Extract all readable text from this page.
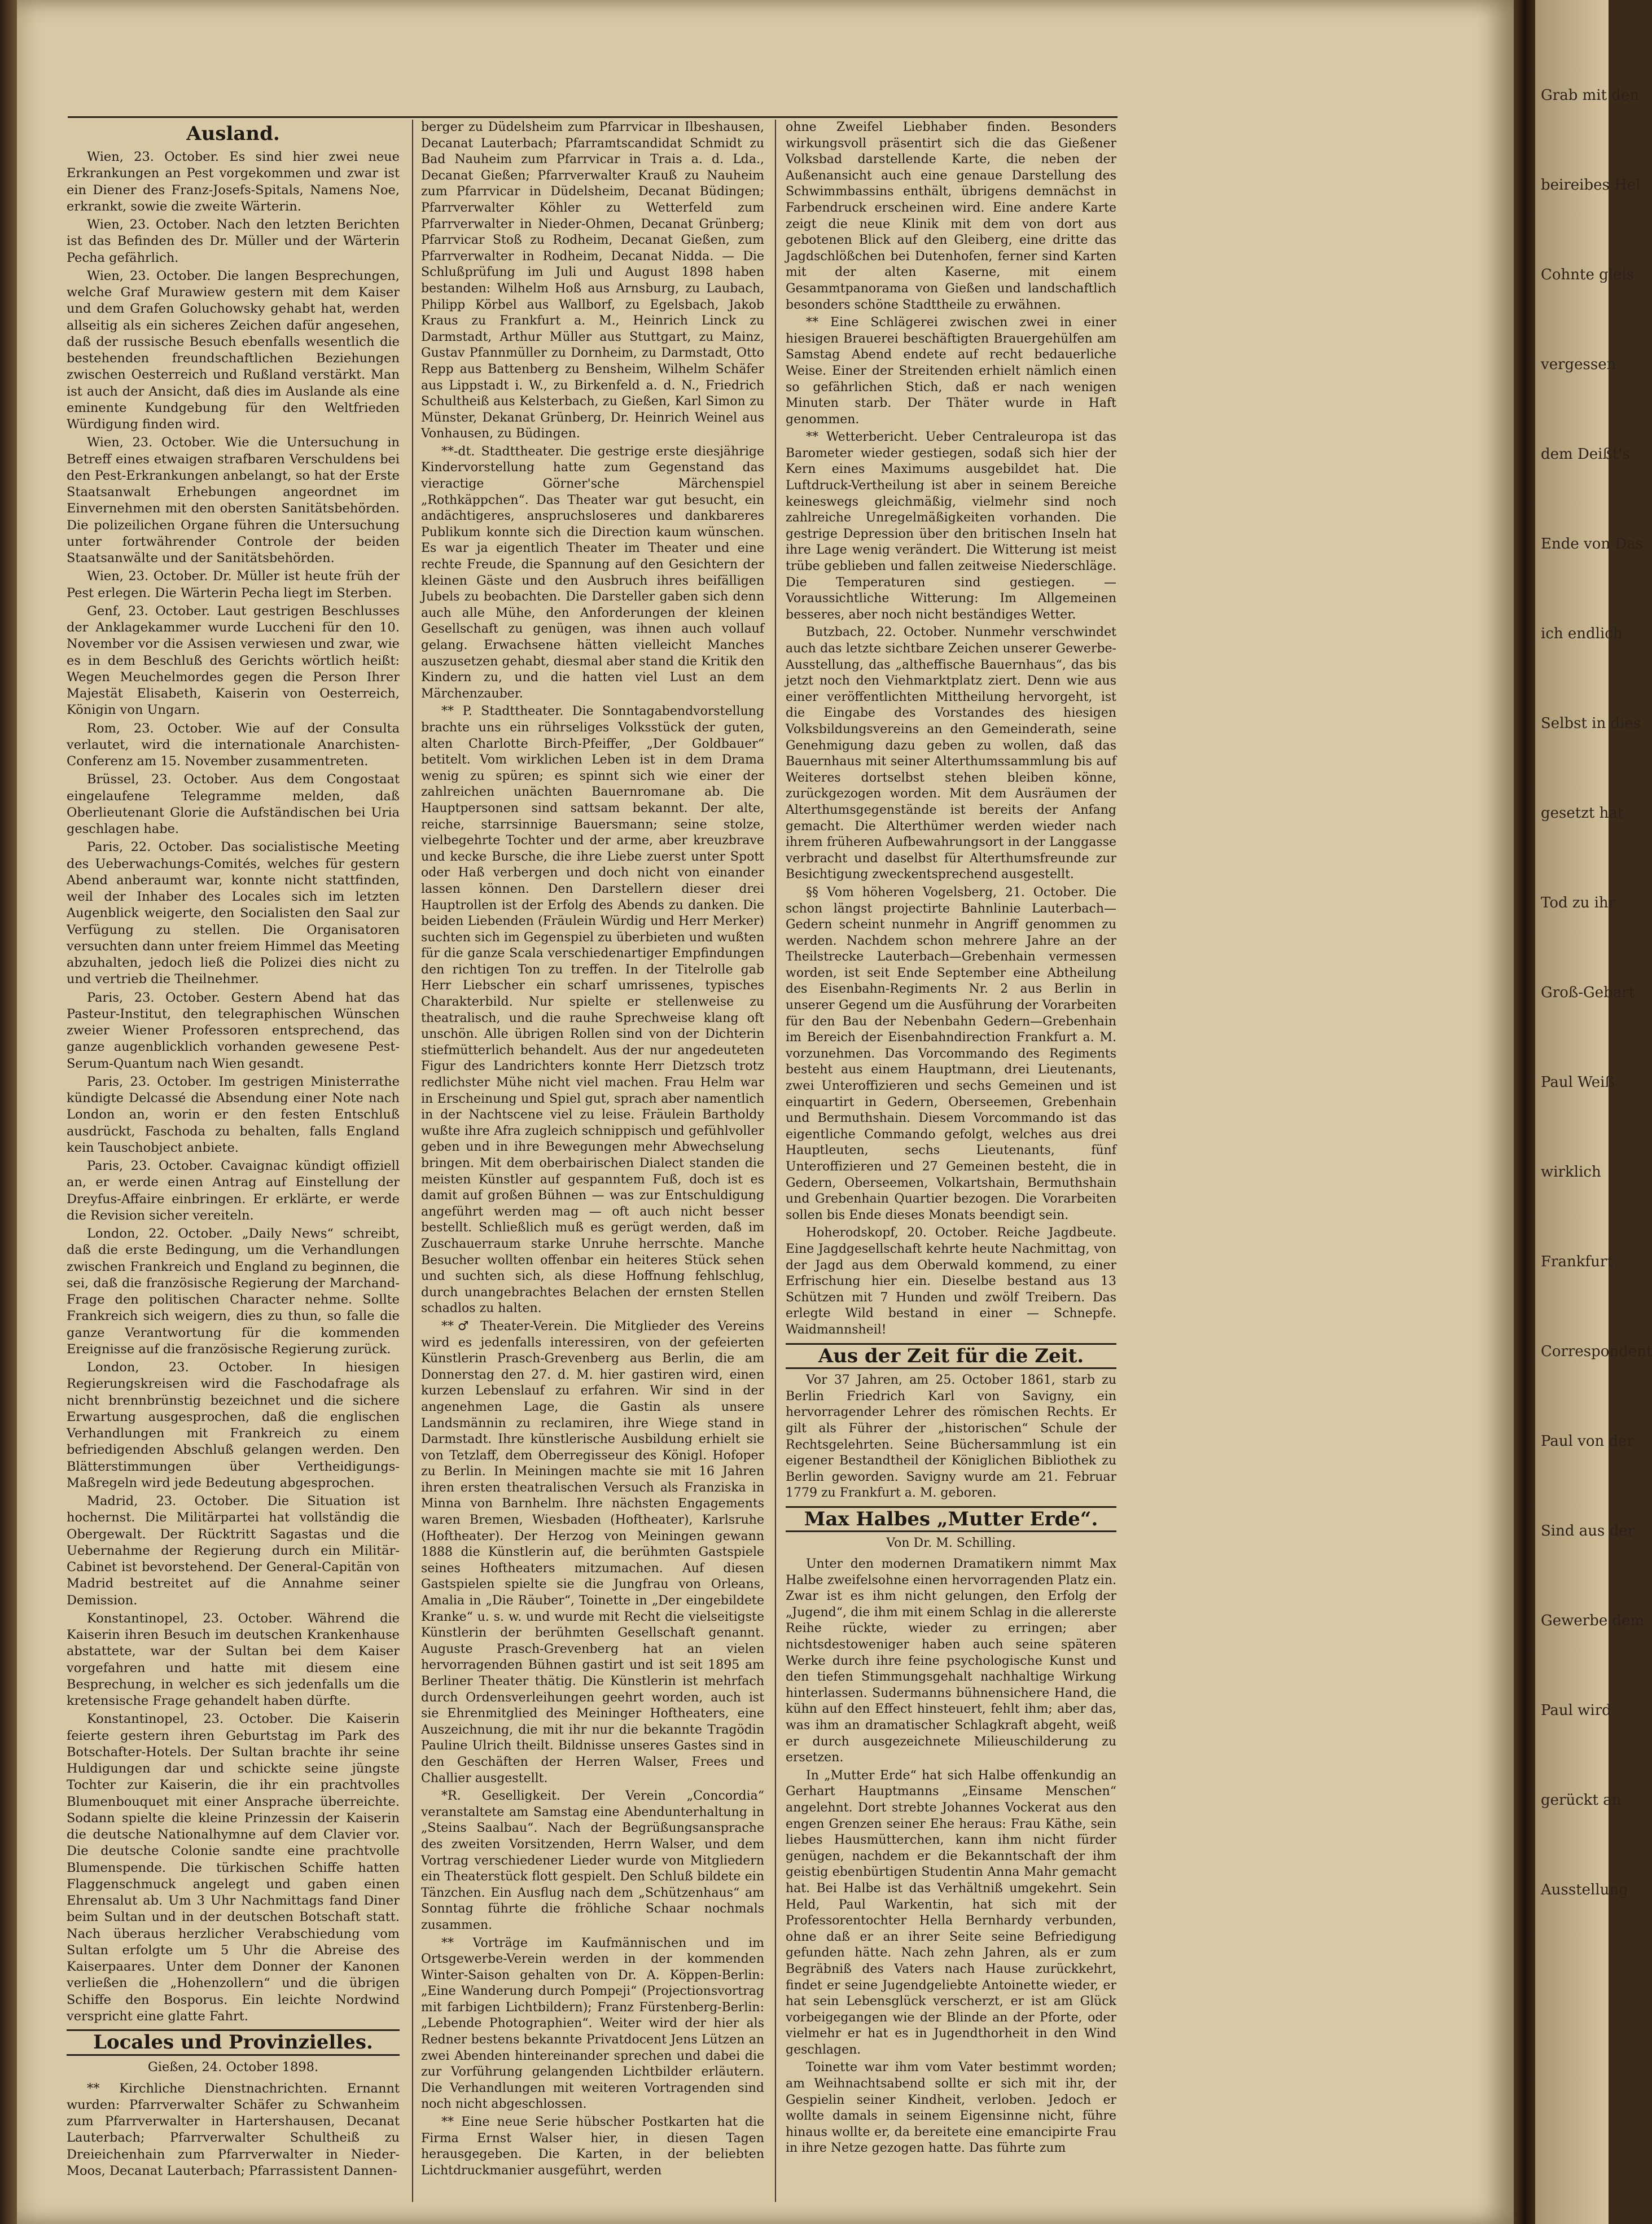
Ausland.

Wien, 23. October. Es sind hier zwei neue Erkrankungen an Pest vorgekommen und zwar ist ein Diener des Franz-Josefs-Spitals, Namens Noe, erkrankt, sowie die zweite Wärterin.

Wien, 23. October. Nach den letzten Berichten ist das Befinden des Dr. Müller und der Wärterin Pecha gefährlich.

Wien, 23. October. Die langen Besprechungen, welche Graf Murawiew gestern mit dem Kaiser und dem Grafen Goluchowsky gehabt hat, werden allseitig als ein sicheres Zeichen dafür angesehen, daß der russische Besuch ebenfalls wesentlich die bestehenden freundschaftlichen Beziehungen zwischen Oesterreich und Rußland verstärkt. Man ist auch der Ansicht, daß dies im Auslande als eine eminente Kundgebung für den Weltfrieden Würdigung finden wird.

Wien, 23. October. Wie die Untersuchung in Betreff eines etwaigen strafbaren Verschuldens bei den Pest-Erkrankungen anbelangt, so hat der Erste Staatsanwalt Erhebungen angeordnet im Einvernehmen mit den obersten Sanitätsbehörden. Die polizeilichen Organe führen die Untersuchung unter fortwährender Controle der beiden Staatsanwälte und der Sanitätsbehörden.

Wien, 23. October. Dr. Müller ist heute früh der Pest erlegen. Die Wärterin Pecha liegt im Sterben.

Genf, 23. October. Laut gestrigen Beschlusses der Anklagekammer wurde Luccheni für den 10. November vor die Assisen verwiesen und zwar, wie es in dem Beschluß des Gerichts wörtlich heißt: Wegen Meuchelmordes gegen die Person Ihrer Majestät Elisabeth, Kaiserin von Oesterreich, Königin von Ungarn.

Rom, 23. October. Wie auf der Consulta verlautet, wird die internationale Anarchisten-Conferenz am 15. November zusammentreten.

Brüssel, 23. October. Aus dem Congostaat eingelaufene Telegramme melden, daß Oberlieutenant Glorie die Aufständischen bei Uria geschlagen habe.

Paris, 22. October. Das socialistische Meeting des Ueberwachungs-Comités, welches für gestern Abend anberaumt war, konnte nicht stattfinden, weil der Inhaber des Locales sich im letzten Augenblick weigerte, den Socialisten den Saal zur Verfügung zu stellen. Die Organisatoren versuchten dann unter freiem Himmel das Meeting abzuhalten, jedoch ließ die Polizei dies nicht zu und vertrieb die Theilnehmer.

Paris, 23. October. Gestern Abend hat das Pasteur-Institut, den telegraphischen Wünschen zweier Wiener Professoren entsprechend, das ganze augenblicklich vorhanden gewesene Pest-Serum-Quantum nach Wien gesandt.

Paris, 23. October. Im gestrigen Ministerrathe kündigte Delcassé die Absendung einer Note nach London an, worin er den festen Entschluß ausdrückt, Faschoda zu behalten, falls England kein Tauschobject anbiete.

Paris, 23. October. Cavaignac kündigt offiziell an, er werde einen Antrag auf Einstellung der Dreyfus-Affaire einbringen. Er erklärte, er werde die Revision sicher vereiteln.

London, 22. October. „Daily News“ schreibt, daß die erste Bedingung, um die Verhandlungen zwischen Frankreich und England zu beginnen, die sei, daß die französische Regierung der Marchand-Frage den politischen Character nehme. Sollte Frankreich sich weigern, dies zu thun, so falle die ganze Verantwortung für die kommenden Ereignisse auf die französische Regierung zurück.

London, 23. October. In hiesigen Regierungskreisen wird die Faschodafrage als nicht brennbrünstig bezeichnet und die sichere Erwartung ausgesprochen, daß die englischen Verhandlungen mit Frankreich zu einem befriedigenden Abschluß gelangen werden. Den Blätterstimmungen über Vertheidigungs-Maßregeln wird jede Bedeutung abgesprochen.

Madrid, 23. October. Die Situation ist hochernst. Die Militärpartei hat vollständig die Obergewalt. Der Rücktritt Sagastas und die Uebernahme der Regierung durch ein Militär-Cabinet ist bevorstehend. Der General-Capitän von Madrid bestreitet auf die Annahme seiner Demission.

Konstantinopel, 23. October. Während die Kaiserin ihren Besuch im deutschen Krankenhause abstattete, war der Sultan bei dem Kaiser vorgefahren und hatte mit diesem eine Besprechung, in welcher es sich jedenfalls um die kretensische Frage gehandelt haben dürfte.

Konstantinopel, 23. October. Die Kaiserin feierte gestern ihren Geburtstag im Park des Botschafter-Hotels. Der Sultan brachte ihr seine Huldigungen dar und schickte seine jüngste Tochter zur Kaiserin, die ihr ein prachtvolles Blumenbouquet mit einer Ansprache überreichte. Sodann spielte die kleine Prinzessin der Kaiserin die deutsche Nationalhymne auf dem Clavier vor. Die deutsche Colonie sandte eine prachtvolle Blumenspende. Die türkischen Schiffe hatten Flaggenschmuck angelegt und gaben einen Ehrensalut ab. Um 3 Uhr Nachmittags fand Diner beim Sultan und in der deutschen Botschaft statt. Nach überaus herzlicher Verabschiedung vom Sultan erfolgte um 5 Uhr die Abreise des Kaiserpaares. Unter dem Donner der Kanonen verließen die „Hohenzollern“ und die übrigen Schiffe den Bosporus. Ein leichte Nordwind verspricht eine glatte Fahrt.

Locales und Provinzielles.
Gießen, 24. October 1898.

** Kirchliche Dienstnachrichten. Ernannt wurden: Pfarrverwalter Schäfer zu Schwanheim zum Pfarrverwalter in Hartershausen, Decanat Lauterbach; Pfarrverwalter Schultheiß zu Dreieichenhain zum Pfarrverwalter in Nieder-Moos, Decanat Lauterbach; Pfarrassistent Dannen-

berger zu Düdelsheim zum Pfarrvicar in Ilbeshausen, Decanat Lauterbach; Pfarramtscandidat Schmidt zu Bad Nauheim zum Pfarrvicar in Trais a. d. Lda., Decanat Gießen; Pfarrverwalter Krauß zu Nauheim zum Pfarrvicar in Düdelsheim, Decanat Büdingen; Pfarrverwalter Köhler zu Wetterfeld zum Pfarrverwalter in Nieder-Ohmen, Decanat Grünberg; Pfarrvicar Stoß zu Rodheim, Decanat Gießen, zum Pfarrverwalter in Rodheim, Decanat Nidda. — Die Schlußprüfung im Juli und August 1898 haben bestanden: Wilhelm Hoß aus Arnsburg, zu Laubach, Philipp Körbel aus Wallborf, zu Egelsbach, Jakob Kraus zu Frankfurt a. M., Heinrich Linck zu Darmstadt, Arthur Müller aus Stuttgart, zu Mainz, Gustav Pfannmüller zu Dornheim, zu Darmstadt, Otto Repp aus Battenberg zu Bensheim, Wilhelm Schäfer aus Lippstadt i. W., zu Birkenfeld a. d. N., Friedrich Schultheiß aus Kelsterbach, zu Gießen, Karl Simon zu Münster, Dekanat Grünberg, Dr. Heinrich Weinel aus Vonhausen, zu Büdingen.

**-dt. Stadttheater. Die gestrige erste diesjährige Kindervorstellung hatte zum Gegenstand das vieractige Görner'sche Märchenspiel „Rothkäppchen“. Das Theater war gut besucht, ein andächtigeres, anspruchsloseres und dankbareres Publikum konnte sich die Direction kaum wünschen. Es war ja eigentlich Theater im Theater und eine rechte Freude, die Spannung auf den Gesichtern der kleinen Gäste und den Ausbruch ihres beifälligen Jubels zu beobachten. Die Darsteller gaben sich denn auch alle Mühe, den Anforderungen der kleinen Gesellschaft zu genügen, was ihnen auch vollauf gelang. Erwachsene hätten vielleicht Manches auszusetzen gehabt, diesmal aber stand die Kritik den Kindern zu, und die hatten viel Lust an dem Märchenzauber.

** P. Stadttheater. Die Sonntagabendvorstellung brachte uns ein rührseliges Volksstück der guten, alten Charlotte Birch-Pfeiffer, „Der Goldbauer“ betitelt. Vom wirklichen Leben ist in dem Drama wenig zu spüren; es spinnt sich wie einer der zahlreichen unächten Bauernromane ab. Die Hauptpersonen sind sattsam bekannt. Der alte, reiche, starrsinnige Bauersmann; seine stolze, vielbegehrte Tochter und der arme, aber kreuzbrave und kecke Bursche, die ihre Liebe zuerst unter Spott oder Haß verbergen und doch nicht von einander lassen können. Den Darstellern dieser drei Hauptrollen ist der Erfolg des Abends zu danken. Die beiden Liebenden (Fräulein Würdig und Herr Merker) suchten sich im Gegenspiel zu überbieten und wußten für die ganze Scala verschiedenartiger Empfindungen den richtigen Ton zu treffen. In der Titelrolle gab Herr Liebscher ein scharf umrissenes, typisches Charakterbild. Nur spielte er stellenweise zu theatralisch, und die rauhe Sprechweise klang oft unschön. Alle übrigen Rollen sind von der Dichterin stiefmütterlich behandelt. Aus der nur angedeuteten Figur des Landrichters konnte Herr Dietzsch trotz redlichster Mühe nicht viel machen. Frau Helm war in Erscheinung und Spiel gut, sprach aber namentlich in der Nachtscene viel zu leise. Fräulein Bartholdy wußte ihre Afra zugleich schnippisch und gefühlvoller geben und in ihre Bewegungen mehr Abwechselung bringen. Mit dem oberbairischen Dialect standen die meisten Künstler auf gespanntem Fuß, doch ist es damit auf großen Bühnen — was zur Entschuldigung angeführt werden mag — oft auch nicht besser bestellt. Schließlich muß es gerügt werden, daß im Zuschauerraum starke Unruhe herrschte. Manche Besucher wollten offenbar ein heiteres Stück sehen und suchten sich, als diese Hoffnung fehlschlug, durch unangebrachtes Belachen der ernsten Stellen schadlos zu halten.

**♂ Theater-Verein. Die Mitglieder des Vereins wird es jedenfalls interessiren, von der gefeierten Künstlerin Prasch-Grevenberg aus Berlin, die am Donnerstag den 27. d. M. hier gastiren wird, einen kurzen Lebenslauf zu erfahren. Wir sind in der angenehmen Lage, die Gastin als unsere Landsmännin zu reclamiren, ihre Wiege stand in Darmstadt. Ihre künstlerische Ausbildung erhielt sie von Tetzlaff, dem Oberregisseur des Königl. Hofoper zu Berlin. In Meiningen machte sie mit 16 Jahren ihren ersten theatralischen Versuch als Franziska in Minna von Barnhelm. Ihre nächsten Engagements waren Bremen, Wiesbaden (Hoftheater), Karlsruhe (Hoftheater). Der Herzog von Meiningen gewann 1888 die Künstlerin auf, die berühmten Gastspiele seines Hoftheaters mitzumachen. Auf diesen Gastspielen spielte sie die Jungfrau von Orleans, Amalia in „Die Räuber“, Toinette in „Der eingebildete Kranke“ u. s. w. und wurde mit Recht die vielseitigste Künstlerin der berühmten Gesellschaft genannt. Auguste Prasch-Grevenberg hat an vielen hervorragenden Bühnen gastirt und ist seit 1895 am Berliner Theater thätig. Die Künstlerin ist mehrfach durch Ordensverleihungen geehrt worden, auch ist sie Ehrenmitglied des Meininger Hoftheaters, eine Auszeichnung, die mit ihr nur die bekannte Tragödin Pauline Ulrich theilt. Bildnisse unseres Gastes sind in den Geschäften der Herren Walser, Frees und Challier ausgestellt.

*R. Geselligkeit. Der Verein „Concordia“ veranstaltete am Samstag eine Abendunterhaltung in „Steins Saalbau“. Nach der Begrüßungsansprache des zweiten Vorsitzenden, Herrn Walser, und dem Vortrag verschiedener Lieder wurde von Mitgliedern ein Theaterstück flott gespielt. Den Schluß bildete ein Tänzchen. Ein Ausflug nach dem „Schützenhaus“ am Sonntag führte die fröhliche Schaar nochmals zusammen.

** Vorträge im Kaufmännischen und im Ortsgewerbe-Verein werden in der kommenden Winter-Saison gehalten von Dr. A. Köppen-Berlin: „Eine Wanderung durch Pompeji“ (Projectionsvortrag mit farbigen Lichtbildern); Franz Fürstenberg-Berlin: „Lebende Photographien“. Weiter wird der hier als Redner bestens bekannte Privatdocent Jens Lützen an zwei Abenden hintereinander sprechen und dabei die zur Vorführung gelangenden Lichtbilder erläutern. Die Verhandlungen mit weiteren Vortragenden sind noch nicht abgeschlossen.

** Eine neue Serie hübscher Postkarten hat die Firma Ernst Walser hier, in diesen Tagen herausgegeben. Die Karten, in der beliebten Lichtdruckmanier ausgeführt, werden

ohne Zweifel Liebhaber finden. Besonders wirkungsvoll präsentirt sich die das Gießener Volksbad darstellende Karte, die neben der Außenansicht auch eine genaue Darstellung des Schwimmbassins enthält, übrigens demnächst in Farbendruck erscheinen wird. Eine andere Karte zeigt die neue Klinik mit dem von dort aus gebotenen Blick auf den Gleiberg, eine dritte das Jagdschlößchen bei Dutenhofen, ferner sind Karten mit der alten Kaserne, mit einem Gesammtpanorama von Gießen und landschaftlich besonders schöne Stadttheile zu erwähnen.

** Eine Schlägerei zwischen zwei in einer hiesigen Brauerei beschäftigten Brauergehülfen am Samstag Abend endete auf recht bedauerliche Weise. Einer der Streitenden erhielt nämlich einen so gefährlichen Stich, daß er nach wenigen Minuten starb. Der Thäter wurde in Haft genommen.

** Wetterbericht. Ueber Centraleuropa ist das Barometer wieder gestiegen, sodaß sich hier der Kern eines Maximums ausgebildet hat. Die Luftdruck-Vertheilung ist aber in seinem Bereiche keineswegs gleichmäßig, vielmehr sind noch zahlreiche Unregelmäßigkeiten vorhanden. Die gestrige Depression über den britischen Inseln hat ihre Lage wenig verändert. Die Witterung ist meist trübe geblieben und fallen zeitweise Niederschläge. Die Temperaturen sind gestiegen. — Voraussichtliche Witterung: Im Allgemeinen besseres, aber noch nicht beständiges Wetter.

Butzbach, 22. October. Nunmehr verschwindet auch das letzte sichtbare Zeichen unserer Gewerbe-Ausstellung, das „altheffische Bauernhaus“, das bis jetzt noch den Viehmarktplatz ziert. Denn wie aus einer veröffentlichten Mittheilung hervorgeht, ist die Eingabe des Vorstandes des hiesigen Volksbildungsvereins an den Gemeinderath, seine Genehmigung dazu geben zu wollen, daß das Bauernhaus mit seiner Alterthumssammlung bis auf Weiteres dortselbst stehen bleiben könne, zurückgezogen worden. Mit dem Ausräumen der Alterthumsgegenstände ist bereits der Anfang gemacht. Die Alterthümer werden wieder nach ihrem früheren Aufbewahrungsort in der Langgasse verbracht und daselbst für Alterthumsfreunde zur Besichtigung zweckentsprechend ausgestellt.

§§ Vom höheren Vogelsberg, 21. October. Die schon längst projectirte Bahnlinie Lauterbach—Gedern scheint nunmehr in Angriff genommen zu werden. Nachdem schon mehrere Jahre an der Theilstrecke Lauterbach—Grebenhain vermessen worden, ist seit Ende September eine Abtheilung des Eisenbahn-Regiments Nr. 2 aus Berlin in unserer Gegend um die Ausführung der Vorarbeiten für den Bau der Nebenbahn Gedern—Grebenhain im Bereich der Eisenbahndirection Frankfurt a. M. vorzunehmen. Das Vorcommando des Regiments besteht aus einem Hauptmann, drei Lieutenants, zwei Unteroffizieren und sechs Gemeinen und ist einquartirt in Gedern, Oberseemen, Grebenhain und Bermuthshain. Diesem Vorcommando ist das eigentliche Commando gefolgt, welches aus drei Hauptleuten, sechs Lieutenants, fünf Unteroffizieren und 27 Gemeinen besteht, die in Gedern, Oberseemen, Volkartshain, Bermuthshain und Grebenhain Quartier bezogen. Die Vorarbeiten sollen bis Ende dieses Monats beendigt sein.

Hoherodskopf, 20. October. Reiche Jagdbeute. Eine Jagdgesellschaft kehrte heute Nachmittag, von der Jagd aus dem Oberwald kommend, zu einer Erfrischung hier ein. Dieselbe bestand aus 13 Schützen mit 7 Hunden und zwölf Treibern. Das erlegte Wild bestand in einer — Schnepfe. Waidmannsheil!

Aus der Zeit für die Zeit.

Vor 37 Jahren, am 25. October 1861, starb zu Berlin Friedrich Karl von Savigny, ein hervorragender Lehrer des römischen Rechts. Er gilt als Führer der „historischen“ Schule der Rechtsgelehrten. Seine Büchersammlung ist ein eigener Bestandtheil der Königlichen Bibliothek zu Berlin geworden. Savigny wurde am 21. Februar 1779 zu Frankfurt a. M. geboren.

Max Halbes „Mutter Erde“.
Von Dr. M. Schilling.

Unter den modernen Dramatikern nimmt Max Halbe zweifelsohne einen hervorragenden Platz ein. Zwar ist es ihm nicht gelungen, den Erfolg der „Jugend“, die ihm mit einem Schlag in die allererste Reihe rückte, wieder zu erringen; aber nichtsdestoweniger haben auch seine späteren Werke durch ihre feine psychologische Kunst und den tiefen Stimmungsgehalt nachhaltige Wirkung hinterlassen. Sudermanns bühnensichere Hand, die kühn auf den Effect hinsteuert, fehlt ihm; aber das, was ihm an dramatischer Schlagkraft abgeht, weiß er durch ausgezeichnete Milieuschilderung zu ersetzen.

In „Mutter Erde“ hat sich Halbe offenkundig an Gerhart Hauptmanns „Einsame Menschen“ angelehnt. Dort strebte Johannes Vockerat aus den engen Grenzen seiner Ehe heraus: Frau Käthe, sein liebes Hausmütterchen, kann ihm nicht fürder genügen, nachdem er die Bekanntschaft der ihm geistig ebenbürtigen Studentin Anna Mahr gemacht hat. Bei Halbe ist das Verhältniß umgekehrt. Sein Held, Paul Warkentin, hat sich mit der Professorentochter Hella Bernhardy verbunden, ohne daß er an ihrer Seite seine Befriedigung gefunden hätte. Nach zehn Jahren, als er zum Begräbniß des Vaters nach Hause zurückkehrt, findet er seine Jugendgeliebte Antoinette wieder, er hat sein Lebensglück verscherzt, er ist am Glück vorbeigegangen wie der Blinde an der Pforte, oder vielmehr er hat es in Jugendthorheit in den Wind geschlagen.

Toinette war ihm vom Vater bestimmt worden; am Weihnachtsabend sollte er sich mit ihr, der Gespielin seiner Kindheit, verloben. Jedoch er wollte damals in seinem Eigensinne nicht, führe hinaus wollte er, da bereitete eine emancipirte Frau in ihre Netze gezogen hatte. Das führte zum

Grab mit den
beireibes Hel
Cohnte gleis
vergessen
dem Deißt's
Ende von Das
ich endlich
Selbst in dies
gesetzt hat
Tod zu ihr
Groß-Gebart
Paul Weiß
wirklich
Frankfurt
Correspondent
Paul von der
Sind aus der
Gewerbe dem
Paul wird
gerückt an
Ausstellung
